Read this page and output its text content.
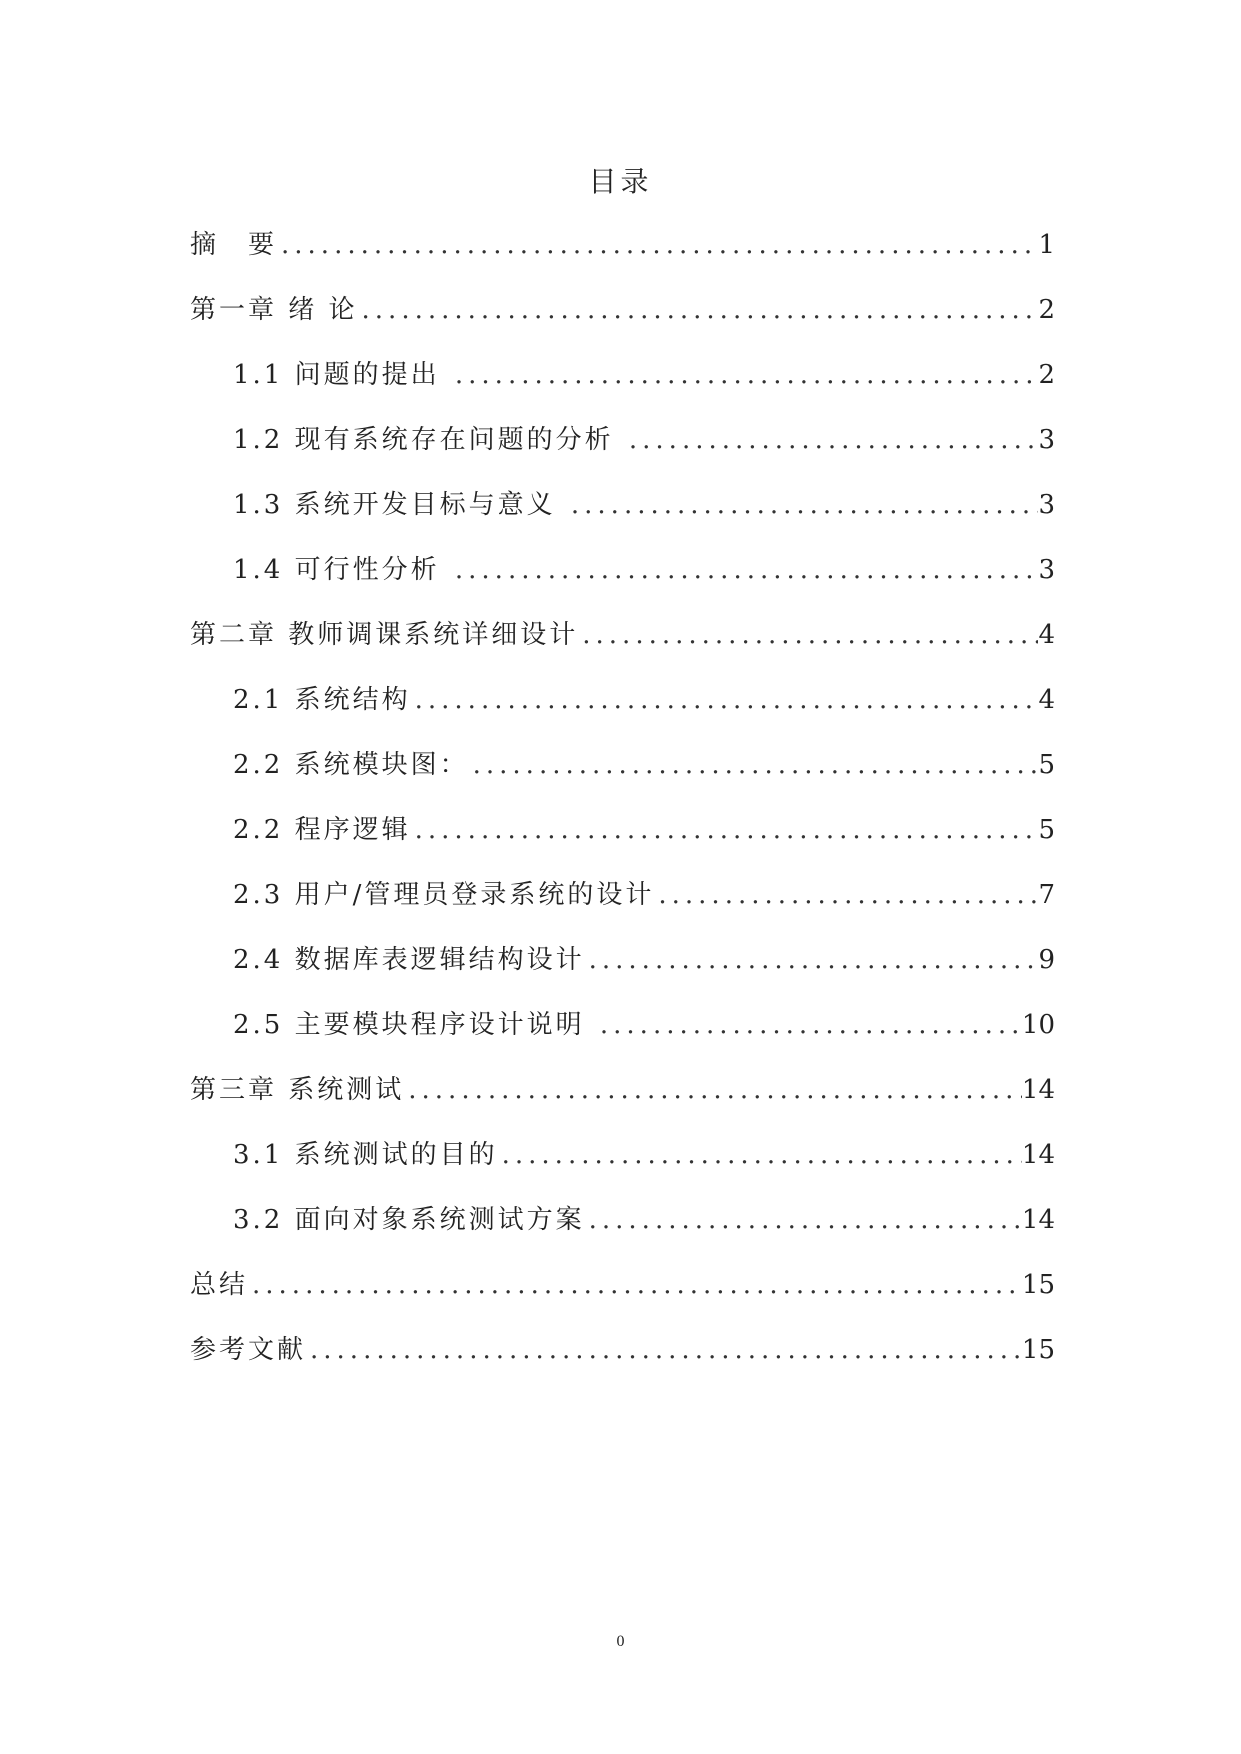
目录
摘　要 .....	1
第一章 绪 论 .....	2
1.1 问题的提出 .....	2
1.2 现有系统存在问题的分析 .....	3
1.3 系统开发目标与意义 .....	3
1.4 可行性分析 .....	3
第二章 教师调课系统详细设计 .....	4
2.1 系统结构 .....	4
2.2 系统模块图： .....	5
2.2 程序逻辑 .....	5
2.3 用户/管理员登录系统的设计 .....	7
2.4 数据库表逻辑结构设计 .....	9
2.5 主要模块程序设计说明 .....	10
第三章 系统测试 .....	14
3.1 系统测试的目的 .....	14
3.2 面向对象系统测试方案 .....	14
总结 .....	15
参考文献 .....	15
0
